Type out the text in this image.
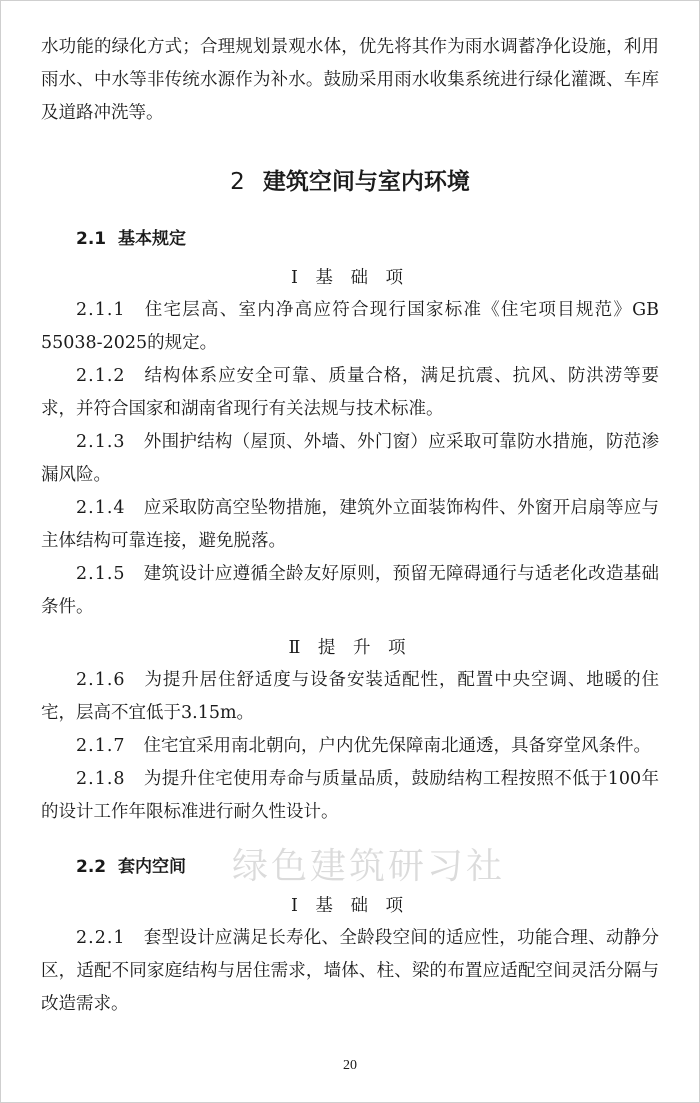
水功能的绿化方式；合理规划景观水体，优先将其作为雨水调蓄净化设施，利用雨水、中水等非传统水源作为补水。鼓励采用雨水收集系统进行绿化灌溉、车库及道路冲洗等。

2 建筑空间与室内环境
2.1 基本规定
Ⅰ 基 础 项

2.1.1 住宅层高、室内净高应符合现行国家标准《住宅项目规范》GB 55038-2025的规定。

2.1.2 结构体系应安全可靠、质量合格，满足抗震、抗风、防洪涝等要求，并符合国家和湖南省现行有关法规与技术标准。

2.1.3 外围护结构（屋顶、外墙、外门窗）应采取可靠防水措施，防范渗漏风险。

2.1.4 应采取防高空坠物措施，建筑外立面装饰构件、外窗开启扇等应与主体结构可靠连接，避免脱落。

2.1.5 建筑设计应遵循全龄友好原则，预留无障碍通行与适老化改造基础条件。

Ⅱ 提 升 项

2.1.6 为提升居住舒适度与设备安装适配性，配置中央空调、地暖的住宅，层高不宜低于3.15m。

2.1.7 住宅宜采用南北朝向，户内优先保障南北通透，具备穿堂风条件。

2.1.8 为提升住宅使用寿命与质量品质，鼓励结构工程按照不低于100年的设计工作年限标准进行耐久性设计。

2.2 套内空间
Ⅰ 基 础 项

2.2.1 套型设计应满足长寿化、全龄段空间的适应性，功能合理、动静分区，适配不同家庭结构与居住需求，墙体、柱、梁的布置应适配空间灵活分隔与改造需求。

绿色建筑研习社
20
